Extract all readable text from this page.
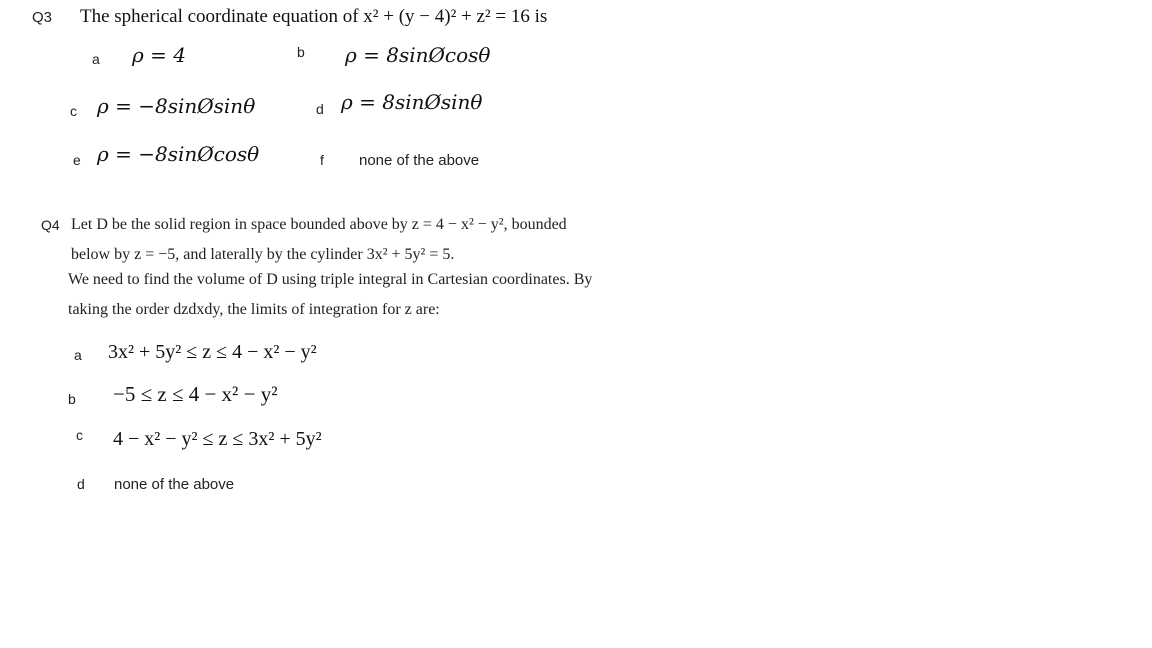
Q3 The spherical coordinate equation of x² + (y − 4)² + z² = 16 is
a ρ = 4	b ρ = 8sinØcosθ
c ρ = −8sinØsinθ	d ρ = 8sinØsinθ
e ρ = −8sinØcosθ	f none of the above
Q4 Let D be the solid region in space bounded above by z = 4 − x² − y², bounded
below by z = −5, and laterally by the cylinder 3x² + 5y² = 5.
We need to find the volume of D using triple integral in Cartesian coordinates. By
taking the order dzdxdy, the limits of integration for z are:
a 3x² + 5y² ≤ z ≤ 4 − x² − y²
b −5 ≤ z ≤ 4 − x² − y²
c 4 − x² − y² ≤ z ≤ 3x² + 5y²
d none of the above
